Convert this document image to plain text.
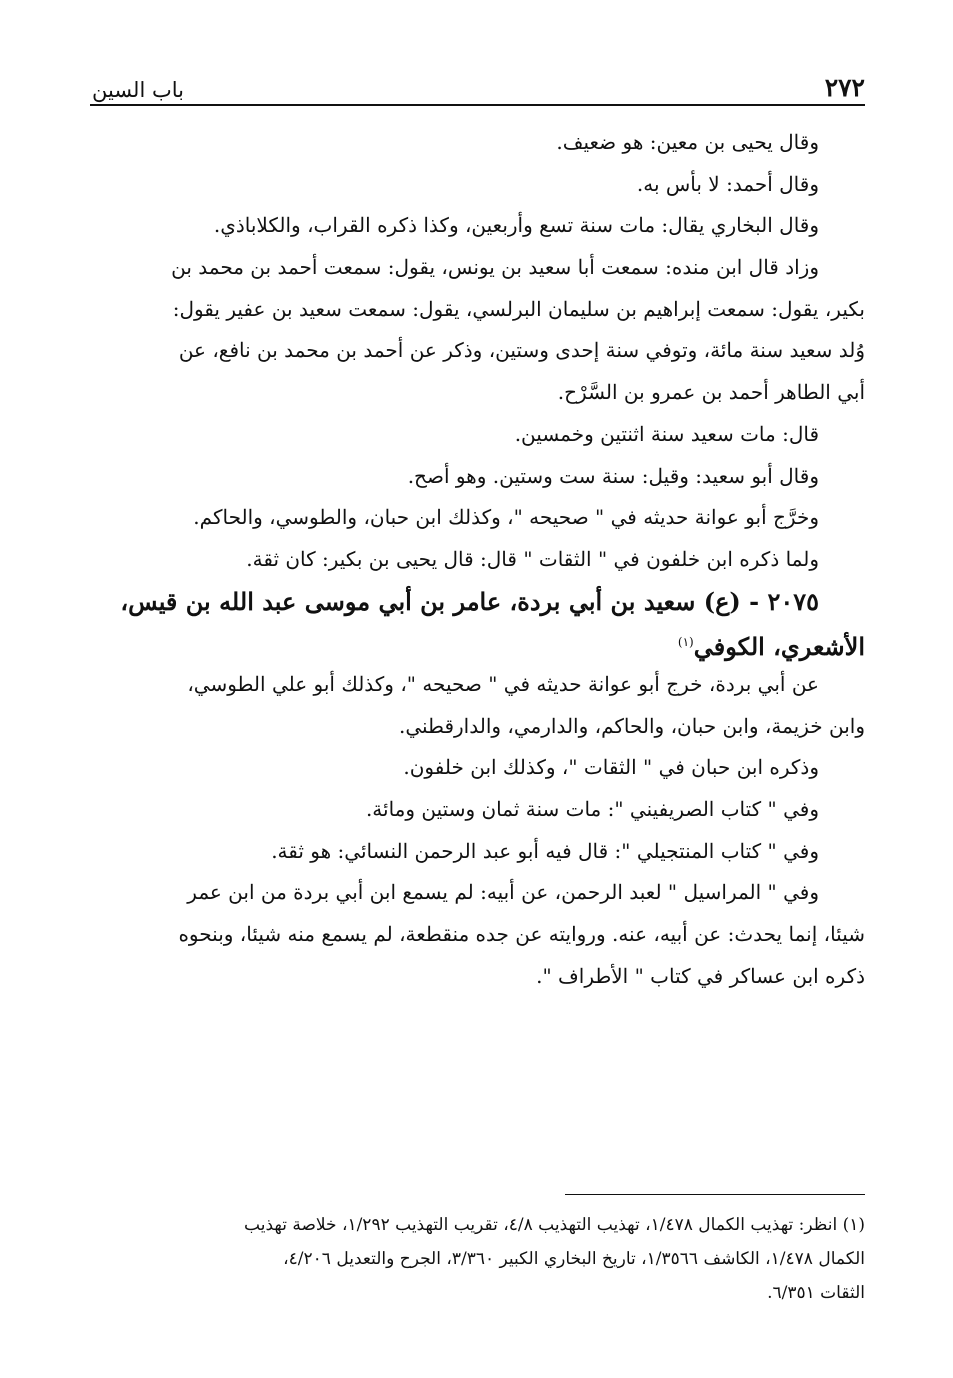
٢٧٢
باب السين
وقال يحيى بن معين: هو ضعيف.
وقال أحمد: لا بأس به.
وقال البخاري يقال: مات سنة تسع وأربعين، وكذا ذكره القراب، والكلاباذي.
وزاد قال ابن منده: سمعت أبا سعيد بن يونس، يقول: سمعت أحمد بن محمد بن
بكير، يقول: سمعت إبراهيم بن سليمان البرلسي، يقول: سمعت سعيد بن عفير يقول:
وُلد سعيد سنة مائة، وتوفي سنة إحدى وستين، وذكر عن أحمد بن محمد بن نافع، عن
أبي الطاهر أحمد بن عمرو بن السَّرْح.
قال: مات سعيد سنة اثنتين وخمسين.
وقال أبو سعيد: وقيل: سنة ست وستين. وهو أصح.
وخرَّج أبو عوانة حديثه في " صحيحه "، وكذلك ابن حبان، والطوسي، والحاكم.
ولما ذكره ابن خلفون في " الثقات " قال: قال يحيى بن بكير: كان ثقة.
٢٠٧٥ - (ع) سعيد بن أبي بردة، عامر بن أبي موسى عبد الله بن قيس،
الأشعري، الكوفي$^{(١)}$
عن أبي بردة، خرج أبو عوانة حديثه في " صحيحه "، وكذلك أبو علي الطوسي،
وابن خزيمة، وابن حبان، والحاكم، والدارمي، والدارقطني.
وذكره ابن حبان في " الثقات "، وكذلك ابن خلفون.
وفي " كتاب الصريفيني ": مات سنة ثمان وستين ومائة.
وفي " كتاب المنتجيلي ": قال فيه أبو عبد الرحمن النسائي: هو ثقة.
وفي " المراسيل " لعبد الرحمن، عن أبيه: لم يسمع ابن أبي بردة من ابن عمر
شيئا، إنما يحدث: عن أبيه، عنه. وروايته عن جده منقطعة، لم يسمع منه شيئا، وبنحوه
ذكره ابن عساكر في كتاب " الأطراف ".
(١) انظر: تهذيب الكمال ١/٤٧٨، تهذيب التهذيب ٤/٨، تقريب التهذيب ١/٢٩٢، خلاصة تهذيب
الكمال ١/٤٧٨، الكاشف ١/٣٥٦٦، تاريخ البخاري الكبير ٣/٣٦٠، الجرح والتعديل ٤/٢٠٦،
الثقات ٦/٣٥١.
